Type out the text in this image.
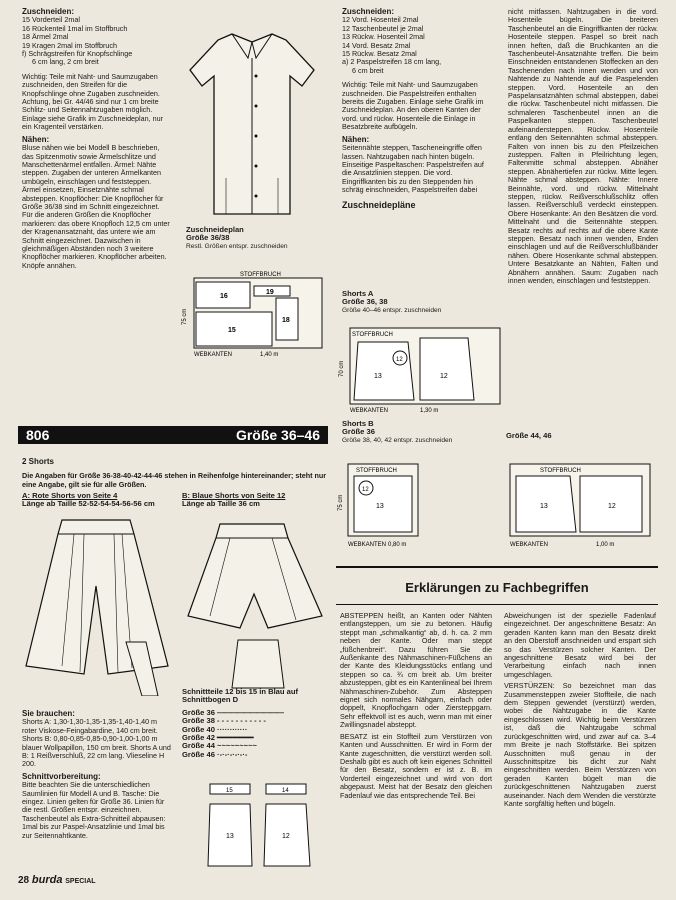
Zuschneiden:
15 Vorderteil 2mal
16 Rückenteil 1mal im Stoffbruch
18 Ärmel 2mal
19 Kragen 2mal im Stoffbruch
f) Schrägstreifen für Knopfschlinge
6 cm lang, 2 cm breit

Wichtig: Teile mit Naht- und Saumzugaben zuschneiden, den Streifen für die Knopfschlinge ohne Zugaben zuschneiden. Achtung, bei Gr. 44/46 sind nur 1 cm breite Schlitz- und Seitennahtzugaben möglich. Einlage siehe Grafik im Zuschneideplan, nur ein Kragenteil verstärken.

Nähen:

Bluse nähen wie bei Modell B beschrieben, das Spitzenmotiv sowie Ärmelschlitze und Manschettenärmel entfallen. Ärmel: Nähte steppen. Zugaben der unteren Ärmelkanten umbügeln, einschlagen und feststeppen. Ärmel einsetzen, Einsetznähte schmal absteppen. Knopflöcher: Die Knopflöcher für Größe 36/38 sind im Schnitt eingezeichnet. Für die anderen Größen die Knopflöcher markieren: das obere Knopfloch 12,5 cm unter der Kragenansatznaht, das untere wie am Schnitt eingezeichnet. Dazwischen in gleichmäßigen Abständen noch 3 weitere Knopflöcher markieren. Knopflöcher arbeiten. Knöpfe annähen.

Zuschneideplan
Größe 36/38
Restl. Größen entspr. zuschneiden
STOFFBRUCH
16
15
19
18
WEBKANTEN	1,40 m
75 cm
806	Größe 36–46
2 Shorts

Die Angaben für Größe 36-38-40-42-44-46 stehen in Reihenfolge hintereinander; steht nur eine Angabe, gilt sie für alle Größen.

A: Rote Shorts von Seite 4
Länge ab Taille 52-52-54-54-56-56 cm
B: Blaue Shorts von Seite 12
Länge ab Taille 36 cm
Sie brauchen:

Shorts A: 1,30-1,30-1,35-1,35-1,40-1,40 m roter Viskose-Feingabardine, 140 cm breit. Shorts B: 0,80-0,85-0,85-0,90-1,00-1,00 m blauer Wollpapillon, 150 cm breit. Shorts A und B: 1 Reißverschluß, 22 cm lang. Vlieseline H 200.

Schnittvorbereitung:

Bitte beachten Sie die unterschiedlichen Saumlinien für Modell A und B. Tasche: Die eingez. Linien gelten für Größe 36. Linien für die restl. Größen entspr. einzeichnen. Taschenbeutel als Extra-Schnitteil abpausen: 1mal bis zur Paspel-Ansatzlinie und 1mal bis zur Seitennahtkante.

Schnittteile 12 bis 15 in Blau auf Schnittbogen D
Größe 36 ——————————
Größe 38 - - - - - - - - - - -
Größe 40 ············
Größe 42 ━━━━━━━━
Größe 44 ~~~~~~~~~
Größe 46 ·-·-·-·-·-·-
15	14
13	12
Zuschneiden:
12 Vord. Hosenteil 2mal
12 Taschenbeutel je 2mal
13 Rückw. Hosenteil 2mal
14 Vord. Besatz 2mal
15 Rückw. Besatz 2mal
a) 2 Paspelstreifen 18 cm lang,
6 cm breit

Wichtig: Teile mit Naht- und Saumzugaben zuschneiden. Die Paspelstreifen enthalten bereits die Zugaben. Einlage siehe Grafik im Zuschneideplan. An den oberen Kanten der vord. und rückw. Hosenteile die Einlage in Besatzbreite aufbügeln.

Nähen:

Seitennähte steppen, Tascheneingriffe offen lassen. Nahtzugaben nach hinten bügeln. Einseitige Paspeltaschen: Paspelstreifen auf die Ansatzlinien steppen. Die vord. Eingriffkanten bis zu den Steppenden hin schräg einschneiden, Paspelstreifen dabei

Zuschneidepläne
Shorts A
Größe 36, 38
Größe 40–46 entspr. zuschneiden
STOFFBRUCH
13	12
12
WEBKANTEN	1,30 m
70 cm
Shorts B
Größe 36
Größe 38, 40, 42 entspr. zuschneiden
STOFFBRUCH
13
12
WEBKANTEN 0,80 m
75 cm
Größe 44, 46
STOFFBRUCH
13	12
WEBKANTEN	1,00 m

nicht mitfassen. Nahtzugaben in die vord. Hosenteile bügeln. Die breiteren Taschenbeutel an die Eingriffkanten der rückw. Hosenteile steppen. Paspel so breit nach innen heften, daß die Bruchkanten an die Taschenbeutel-Ansatznähte treffen. Die beim Einschneiden entstandenen Stoffecken an den Taschenenden nach innen wenden und von Nahtende zu Nahtende auf die Paspelenden steppen. Vord. Hosenteile an den Paspelansatznähten schmal absteppen, dabei die rückw. Taschenbeutel nicht mitfassen. Die schmaleren Taschenbeutel innen an die Paspelkanten steppen. Taschenbeutel aufeinandersteppen. Rückw. Hosenteile entlang den Seitennähten schmal absteppen. Falten von innen bis zu den Pfeilzeichen zusteppen. Falten in Pfeilrichtung legen, Faltenmitte schmal absteppen. Abnäher steppen. Abnähertiefen zur rückw. Mitte legen. Nähte schmal absteppen. Nähte: Innere Beinnähte, vord. und rückw. Mittelnaht steppen, rückw. Reißverschlußschlitz offen lassen. Reißverschluß verdeckt einsteppen. Obere Hosenkante: An den Besätzen die vord. Mittelnaht und die Seitennähte steppen. Besatz rechts auf rechts auf die obere Kante steppen. Besatz nach innen wenden, Enden einschlagen und auf die Reißverschlußbänder nähen. Obere Hosenkante schmal absteppen. Untere Besatzkante an Nähten, Falten und Abnähern annähen. Saum: Zugaben nach innen wenden, einschlagen und feststeppen.

Erklärungen zu Fachbegriffen

ABSTEPPEN heißt, an Kanten oder Nähten entlangsteppen, um sie zu betonen. Häufig steppt man „schmalkantig“ ab, d. h. ca. 2 mm neben der Kante. Oder man steppt „füßchenbreit“. Dazu führen Sie die Außenkante des Nähmaschinen-Füßchens an der Kante des Kleidungsstücks entlang und steppen so ca. ¾ cm breit ab. Um breiter abzusteppen, gibt es ein Kantenlineal bei Ihrem Nähmaschinen-Zubehör. Zum Absteppen eignet sich normales Nähgarn, einfach oder doppelt, Knopflochgarn oder Ziersteppgarn. Sehr effektvoll ist es auch, wenn man mit einer Zwillingsnadel absteppt.

BESATZ ist ein Stoffteil zum Verstürzen von Kanten und Ausschnitten. Er wird in Form der Kante zugeschnitten, die verstürzt werden soll. Deshalb gibt es auch oft kein eigenes Schnitteil für den Besatz, sondern er ist z. B. im Vorderteil eingezeichnet und wird von dort abgepaust. Meist hat der Besatz den gleichen Fadenlauf wie das entsprechende Teil. Bei

Abweichungen ist der spezielle Fadenlauf eingezeichnet. Der angeschnittene Besatz: An geraden Kanten kann man den Besatz direkt an den Oberstoff anschneiden und erspart sich so das Verstürzen solcher Kanten. Der angeschnittene Besatz wird bei der Verarbeitung einfach nach innen umgeschlagen.

VERSTÜRZEN: So bezeichnet man das Zusammensteppen zweier Stoffteile, die nach dem Steppen gewendet (verstürzt) werden, wobei die Nahtzugabe in die Kante eingeschlossen wird. Wichtig beim Verstürzen ist, daß die Nahtzugabe schmal zurückgeschnitten wird, und zwar auf ca. 3–4 mm Breite je nach Stoffstärke. Bei spitzen Ausschnitten muß genau in der Ausschnittspitze bis dicht zur Naht eingeschnitten werden. Beim Verstürzen von geraden Kanten bügelt man die zurückgeschnittenen Nahtzugaben zuerst auseinander. Nach dem Wenden die verstürzte Kante sorgfältig heften und bügeln.

28 burda SPECIAL
